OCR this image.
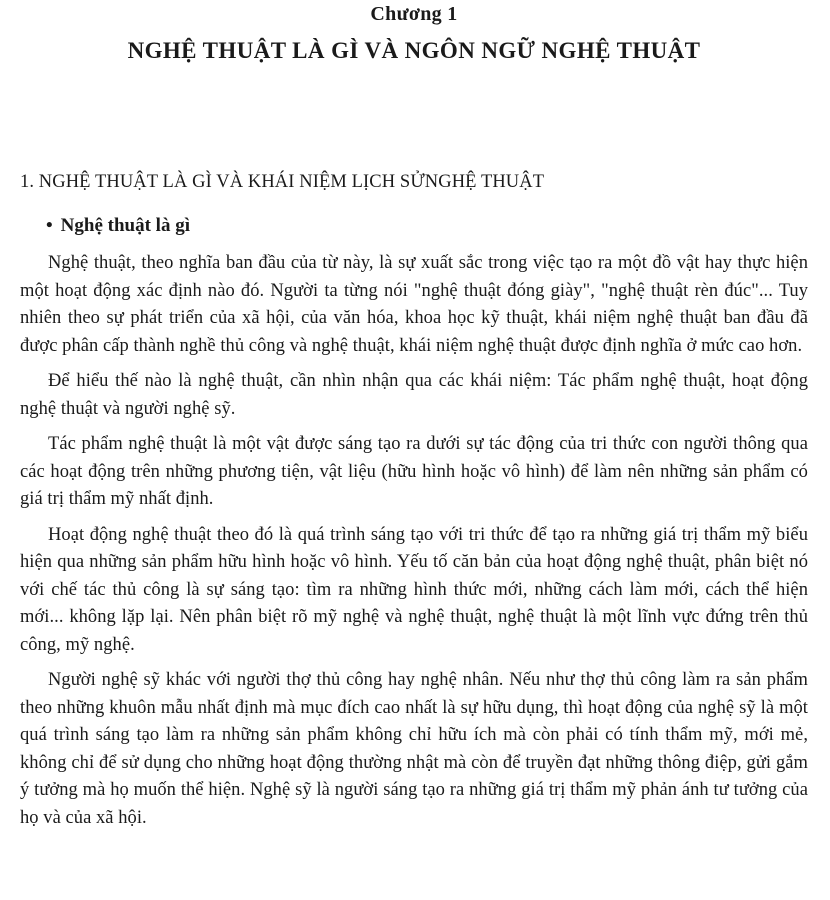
Chương 1
NGHỆ THUẬT LÀ GÌ VÀ NGÔN NGỮ NGHỆ THUẬT
1. NGHỆ THUẬT LÀ GÌ VÀ KHÁI NIỆM LỊCH SỬNGHỆ THUẬT
• Nghệ thuật là gì

Nghệ thuật, theo nghĩa ban đầu của từ này, là sự xuất sắc trong việc tạo ra một đồ vật hay thực hiện một hoạt động xác định nào đó. Người ta từng nói "nghệ thuật đóng giày", "nghệ thuật rèn đúc"... Tuy nhiên theo sự phát triển của xã hội, của văn hóa, khoa học kỹ thuật, khái niệm nghệ thuật ban đầu đã được phân cấp thành nghề thủ công và nghệ thuật, khái niệm nghệ thuật được định nghĩa ở mức cao hơn.

Để hiểu thế nào là nghệ thuật, cần nhìn nhận qua các khái niệm: Tác phẩm nghệ thuật, hoạt động nghệ thuật và người nghệ sỹ.

Tác phẩm nghệ thuật là một vật được sáng tạo ra dưới sự tác động của tri thức con người thông qua các hoạt động trên những phương tiện, vật liệu (hữu hình hoặc vô hình) để làm nên những sản phẩm có giá trị thẩm mỹ nhất định.

Hoạt động nghệ thuật theo đó là quá trình sáng tạo với tri thức để tạo ra những giá trị thẩm mỹ biểu hiện qua những sản phẩm hữu hình hoặc vô hình. Yếu tố căn bản của hoạt động nghệ thuật, phân biệt nó với chế tác thủ công là sự sáng tạo: tìm ra những hình thức mới, những cách làm mới, cách thể hiện mới... không lặp lại. Nên phân biệt rõ mỹ nghệ và nghệ thuật, nghệ thuật là một lĩnh vực đứng trên thủ công, mỹ nghệ.

Người nghệ sỹ khác với người thợ thủ công hay nghệ nhân. Nếu như thợ thủ công làm ra sản phẩm theo những khuôn mẫu nhất định mà mục đích cao nhất là sự hữu dụng, thì hoạt động của nghệ sỹ là một quá trình sáng tạo làm ra những sản phẩm không chỉ hữu ích mà còn phải có tính thẩm mỹ, mới mẻ, không chỉ để sử dụng cho những hoạt động thường nhật mà còn để truyền đạt những thông điệp, gửi gắm ý tưởng mà họ muốn thể hiện. Nghệ sỹ là người sáng tạo ra những giá trị thẩm mỹ phản ánh tư tưởng của họ và của xã hội.
